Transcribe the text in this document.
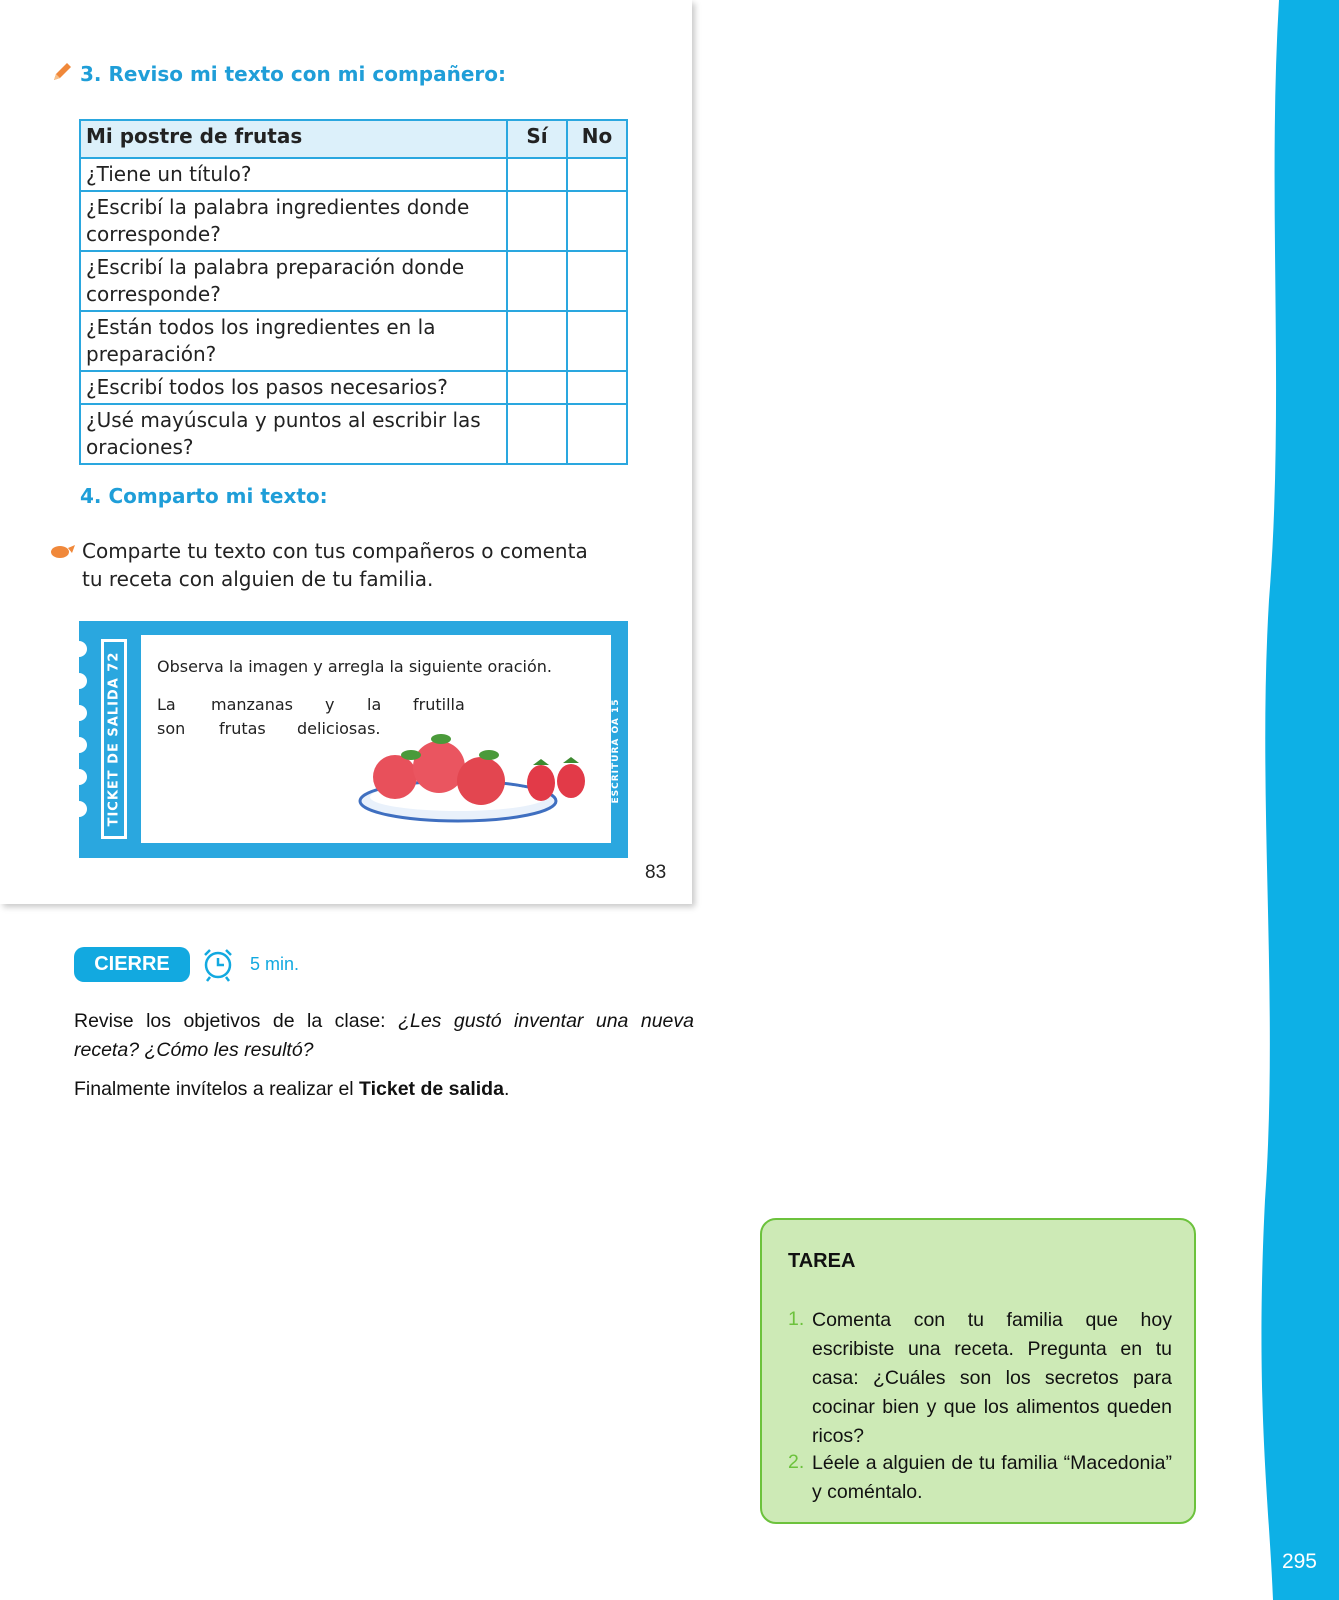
295
3. Reviso mi texto con mi compañero:
Mi postre de frutas	Sí	No
¿Tiene un título?		
¿Escribí la palabra ingredientes donde corresponde?		
¿Escribí la palabra preparación donde corresponde?		
¿Están todos los ingredientes en la preparación?		
¿Escribí todos los pasos necesarios?		
¿Usé mayúscula y puntos al escribir las oraciones?		
4. Comparto mi texto:
Comparte tu texto con tus compañeros o comenta tu receta con alguien de tu familia.
TICKET DE SALIDA 72	ESCRITURA OA 15
Observa la imagen y arregla la siguiente oración.
La manzanas y la frutilla
son frutas deliciosas.
83
CIERRE	5 min.
Revise los objetivos de la clase: ¿Les gustó inventar una nueva receta? ¿Cómo les resultó?
Finalmente invítelos a realizar el Ticket de salida.
TAREA
1. Comenta con tu familia que hoy escribiste una receta. Pregunta en tu casa: ¿Cuáles son los secretos para cocinar bien y que los alimentos queden ricos?
2. Léele a alguien de tu familia “Macedonia” y coméntalo.
